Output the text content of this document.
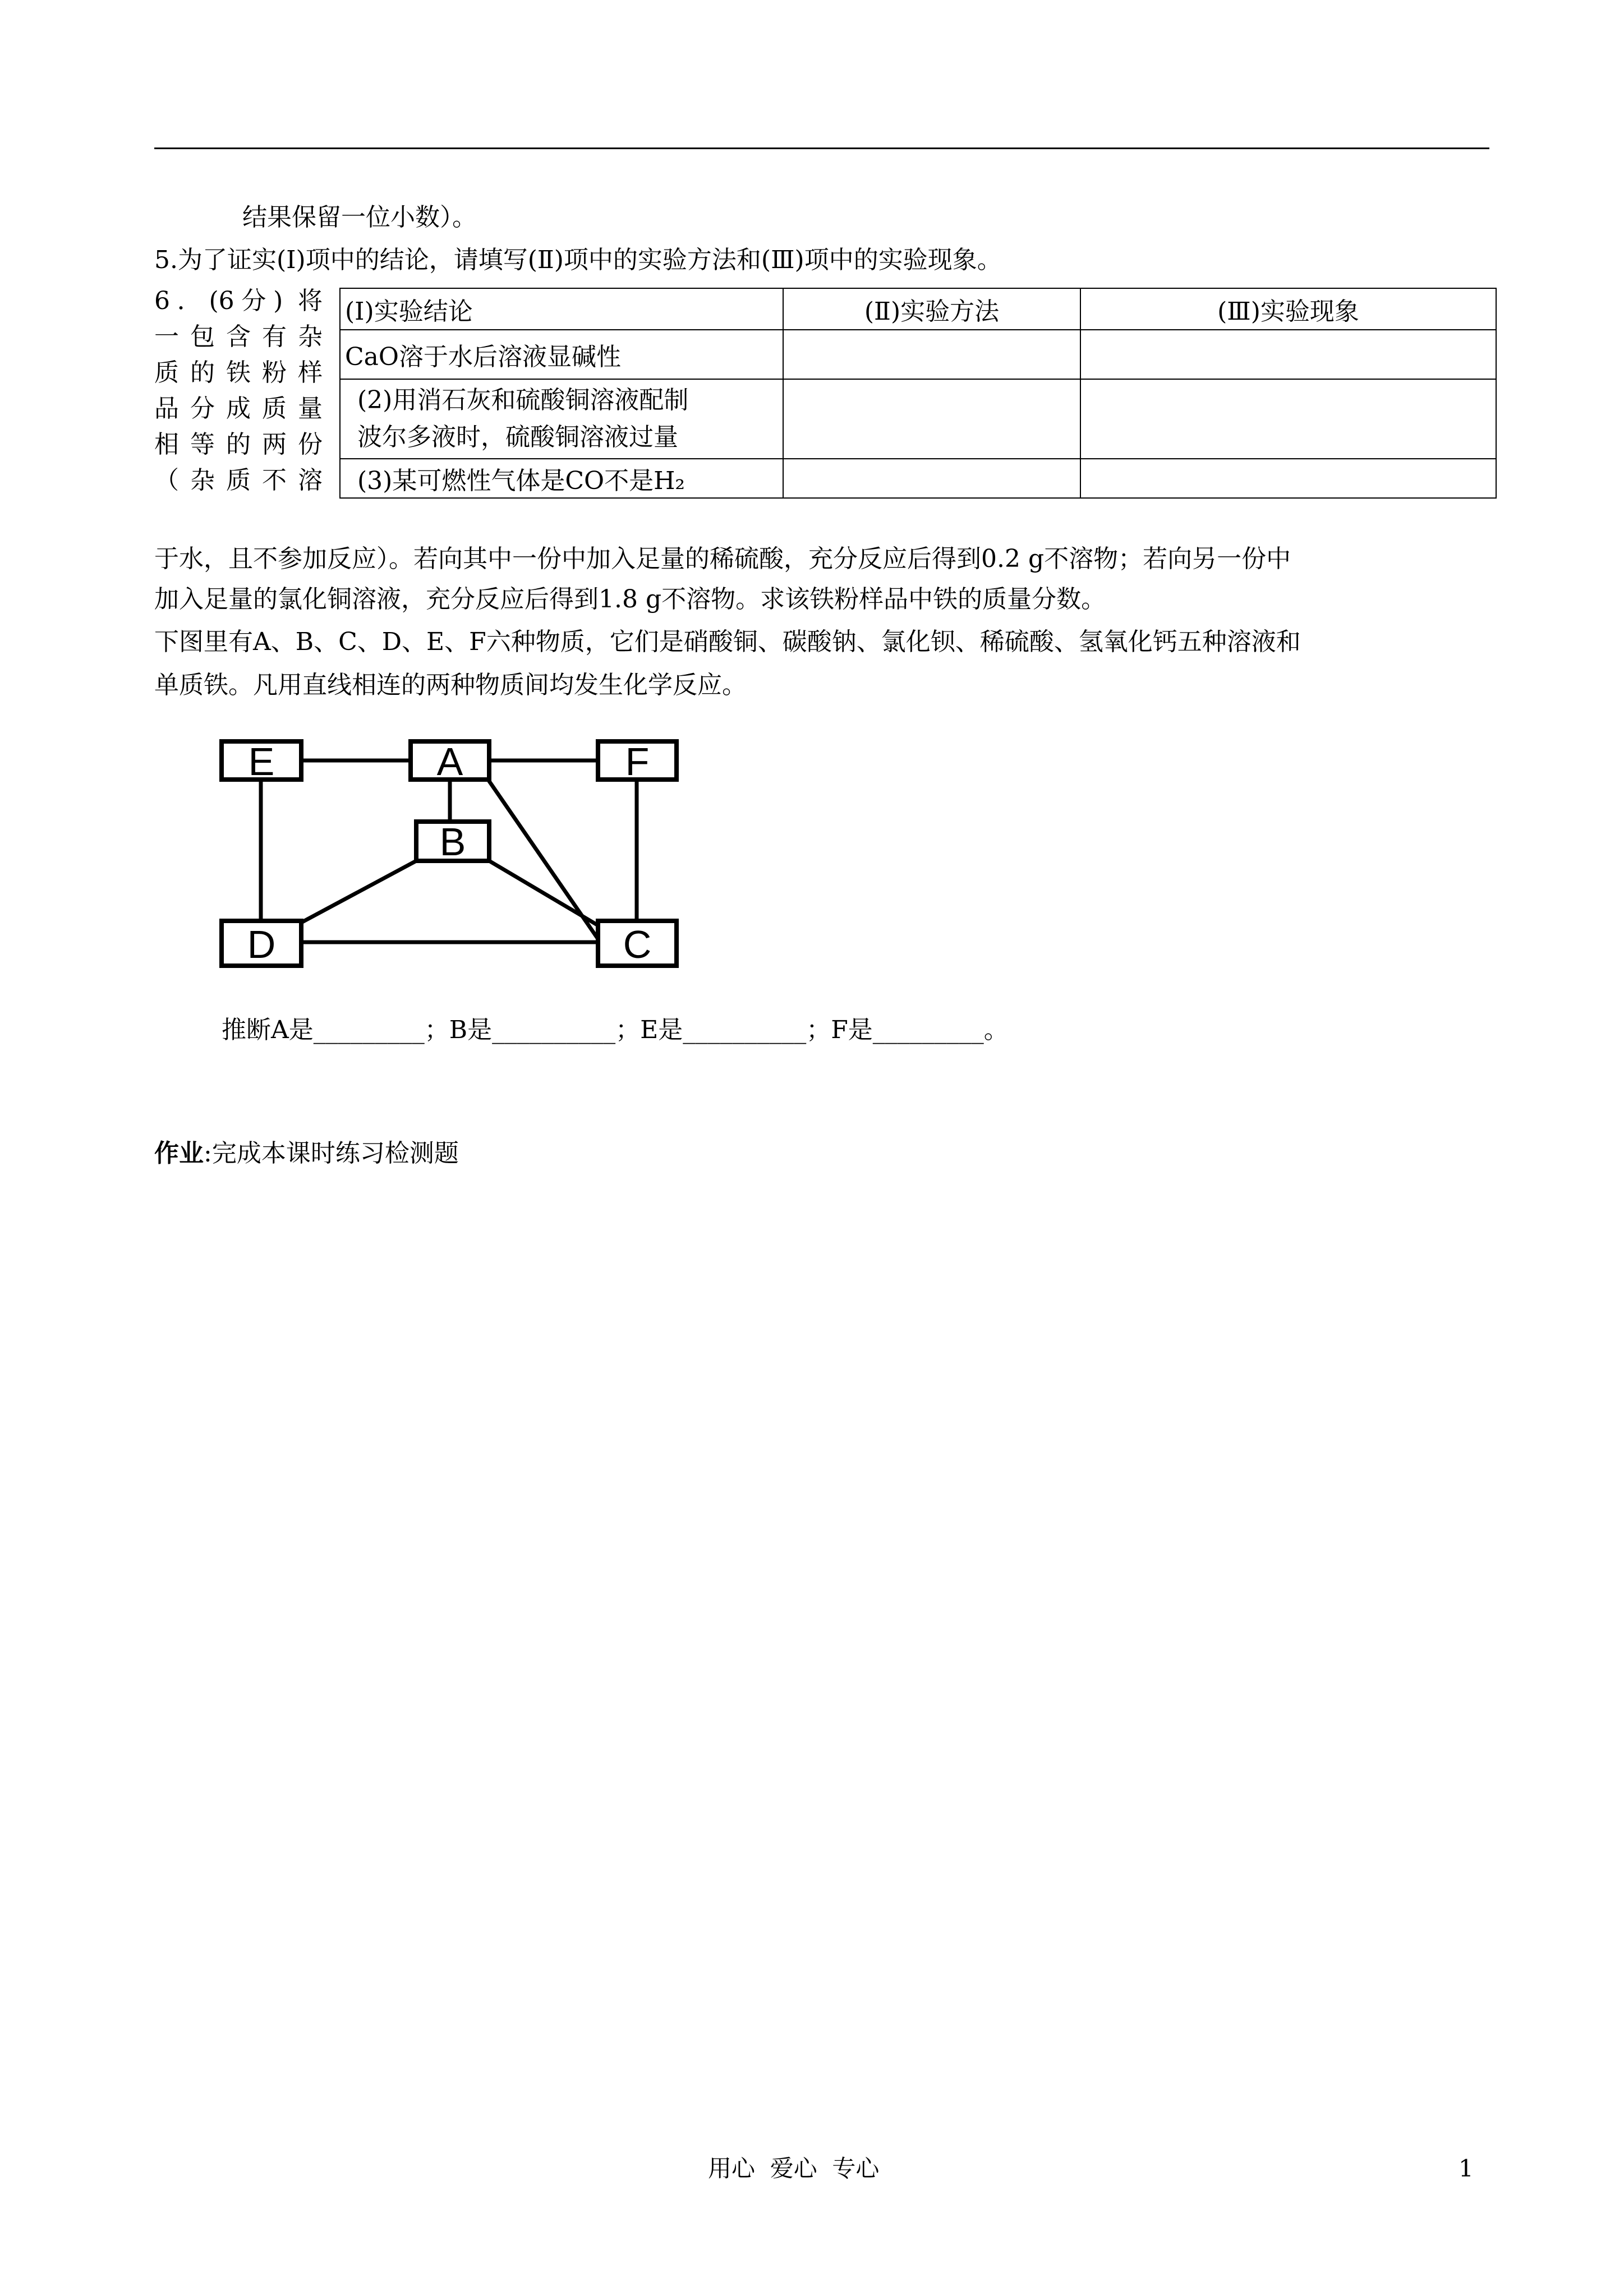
结果保留一位小数）。
5.为了证实(Ⅰ)项中的结论，请填写(Ⅱ)项中的实验方法和(Ⅲ)项中的实验现象。
6．(6分) 将
一包含有杂
质的铁粉样
品分成质量
相等的两份
（杂质不溶
(Ⅰ)实验结论	(Ⅱ)实验方法	(Ⅲ)实验现象
CaO溶于水后溶液显碱性		
(2)用消石灰和硫酸铜溶液配制
波尔多液时，硫酸铜溶液过量		
(3)某可燃性气体是CO不是H₂		
于水，且不参加反应）。若向其中一份中加入足量的稀硫酸，充分反应后得到0.2 g不溶物；若向另一份中
加入足量的氯化铜溶液，充分反应后得到1.8 g不溶物。求该铁粉样品中铁的质量分数。
下图里有A、B、C、D、E、F六种物质，它们是硝酸铜、碳酸钠、氯化钡、稀硫酸、氢氧化钙五种溶液和
单质铁。凡用直线相连的两种物质间均发生化学反应。
E	A	F
B
D	C
推断A是_________；B是__________；E是__________；F是_________。
作业:完成本课时练习检测题
用心  爱心  专心	1
